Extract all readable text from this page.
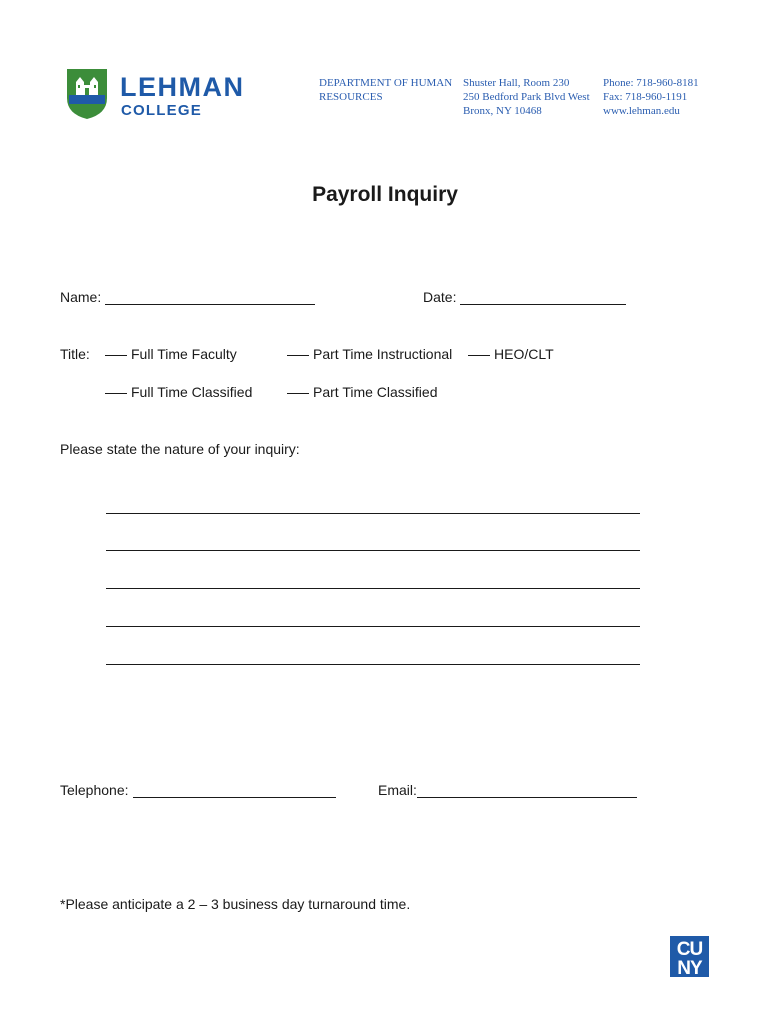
LEHMAN
COLLEGE
DEPARTMENT OF HUMAN
RESOURCES
Shuster Hall, Room 230
250 Bedford Park Blvd West
Bronx, NY 10468
Phone: 718-960-8181
Fax: 718-960-1191
www.lehman.edu
Payroll Inquiry
Name:	Date:
Title:	Full Time Faculty	Part Time Instructional	HEO/CLT
Full Time Classified	Part Time Classified
Please state the nature of your inquiry:
Telephone:	Email:
*Please anticipate a 2 – 3 business day turnaround time.
CU
NY
